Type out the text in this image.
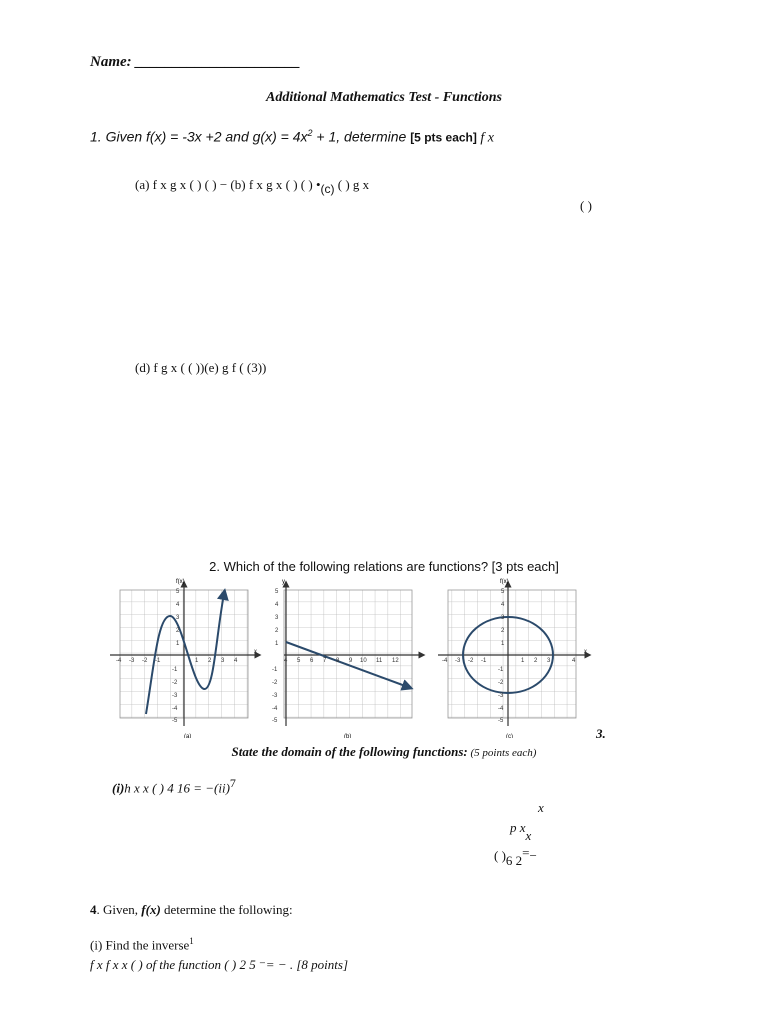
Name: ______________________
Additional Mathematics Test - Functions
1. Given f(x) = -3x +2 and $g(x) = 4x^2 + 1$, determine [5 pts each] f x
(a) f x g x ( ) ( ) − (b) f x g x ( ) ( ) •(c) ( ) g x
( )
(d) f g x ( ( ))(e) g f ( (3))
2. Which of the following relations are functions? [3 pts each]
f(x)
(a)
-4 -3 -2 -1	1 2 3 4
5
4
3
2
1
-1
-2
-3
-4
-5
x
y
(b)
4 5 6 7 8 9 10 11 12
5
4
3
2
1
-1
-2
-3
-4
-5
f(x)
(c)
-4 -3 -2 -1	1 2 3	4
5
4
3
2
1
-1
-2
-3
-4
-5
x
3.
State the domain of the following functions: (5 points each)
(i)h x x ( ) 4 16 = −(ii)$^7$
x
p xx
( )6 2=−
4. Given, f(x) determine the following:
(i) Find the inverse$^1$
f x f x x ( ) of the function ( ) 2 5 ⁻= − . [8 points]
